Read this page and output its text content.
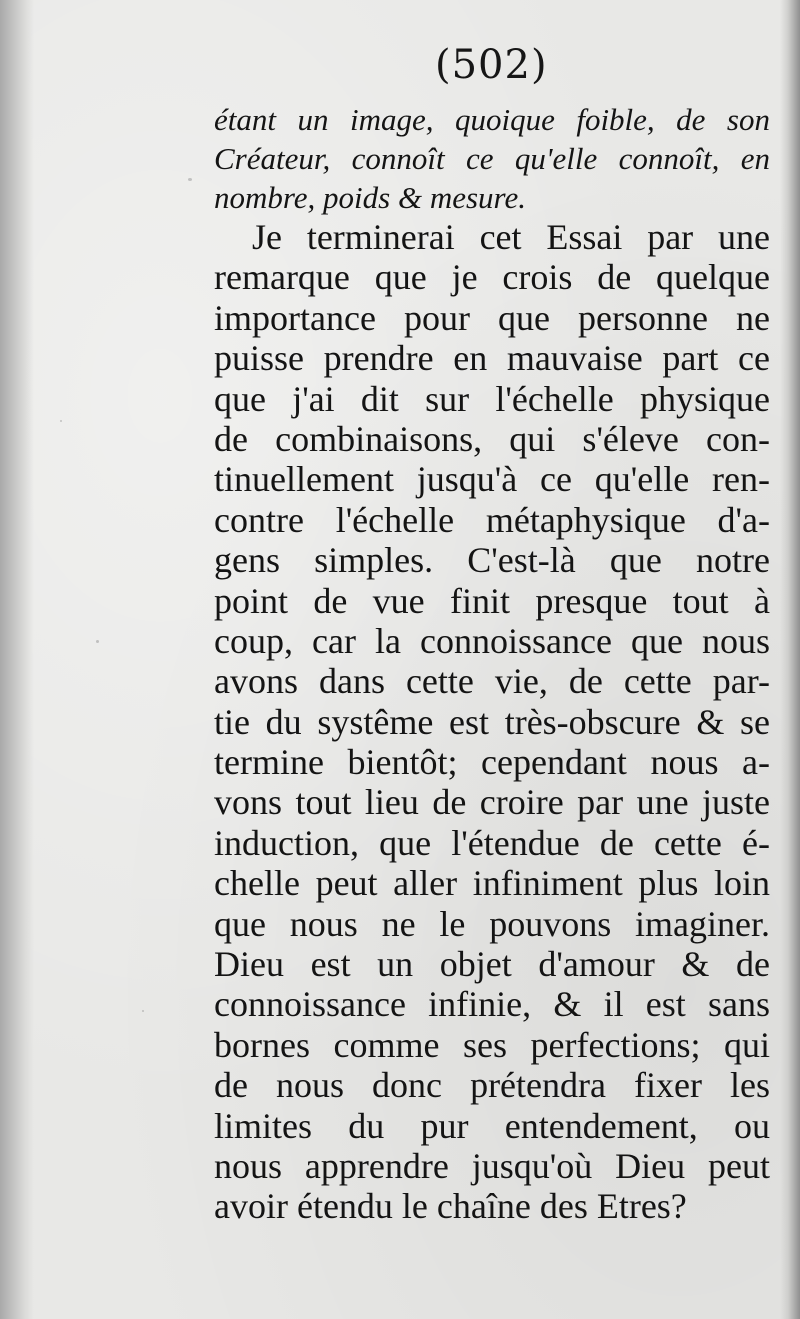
(502)
étant un image, quoique foible, de son
Créateur, connoît ce qu'elle connoît, en
nombre, poids & mesure.
Je terminerai cet Essai par une
remarque que je crois de quelque
importance pour que personne ne
puisse prendre en mauvaise part ce
que j'ai dit sur l'échelle physique
de combinaisons, qui s'éleve con-
tinuellement jusqu'à ce qu'elle ren-
contre l'échelle métaphysique d'a-
gens simples. C'est-là que notre
point de vue finit presque tout à
coup, car la connoissance que nous
avons dans cette vie, de cette par-
tie du systême est très-obscure & se
termine bientôt; cependant nous a-
vons tout lieu de croire par une juste
induction, que l'étendue de cette é-
chelle peut aller infiniment plus loin
que nous ne le pouvons imaginer.
Dieu est un objet d'amour & de
connoissance infinie, & il est sans
bornes comme ses perfections; qui
de nous donc prétendra fixer les
limites du pur entendement, ou
nous apprendre jusqu'où Dieu peut
avoir étendu le chaîne des Etres?
